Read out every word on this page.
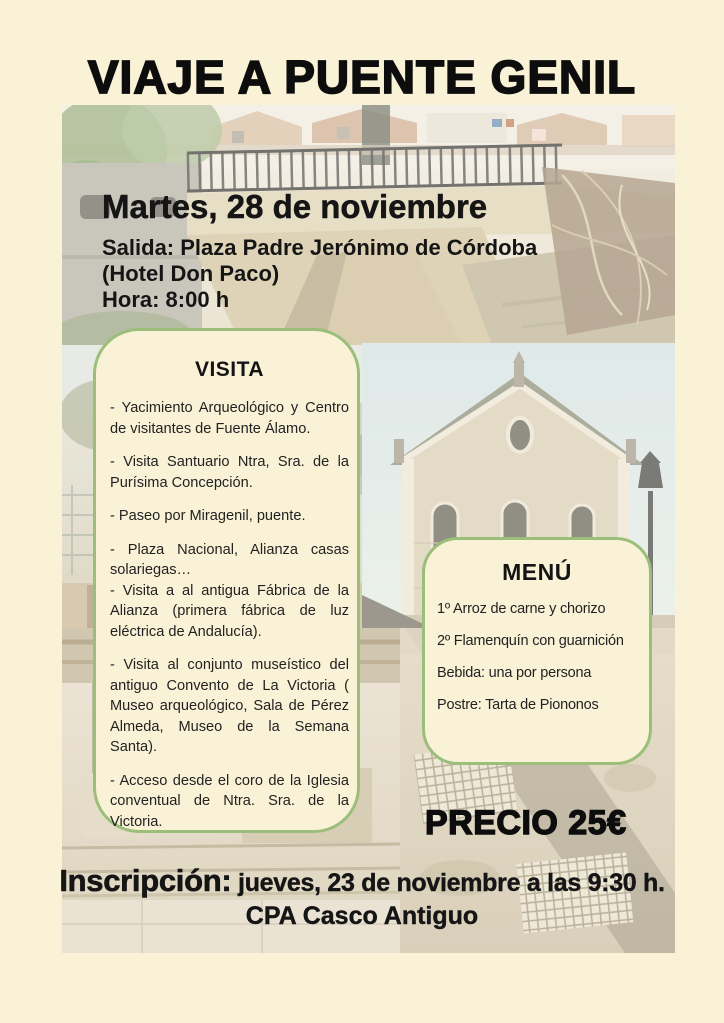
VIAJE A PUENTE GENIL
Martes, 28 de noviembre

Salida: Plaza Padre Jerónimo de Córdoba

(Hotel Don Paco)

Hora: 8:00 h

VISITA

- Yacimiento Arqueológico y Centro de visitantes de Fuente Álamo.

- Visita Santuario Ntra, Sra. de la Purísima Concepción.

- Paseo por Miragenil, puente.

- Plaza Nacional, Alianza casas solariegas…

- Visita a al antigua Fábrica de la Alianza (primera fábrica de luz eléctrica de Andalucía).

- Visita al conjunto museístico del antiguo Convento de La Victoria ( Museo arqueológico, Sala de Pérez Almeda, Museo de la Semana Santa).

- Acceso desde el coro de la Iglesia conventual de Ntra. Sra. de la Victoria.

MENÚ

1º Arroz de carne y chorizo

2º Flamenquín con guarnición

Bebida: una por persona

Postre: Tarta de Piononos

PRECIO 25€
Inscripción: jueves, 23 de noviembre a las 9:30 h.
CPA Casco Antiguo
